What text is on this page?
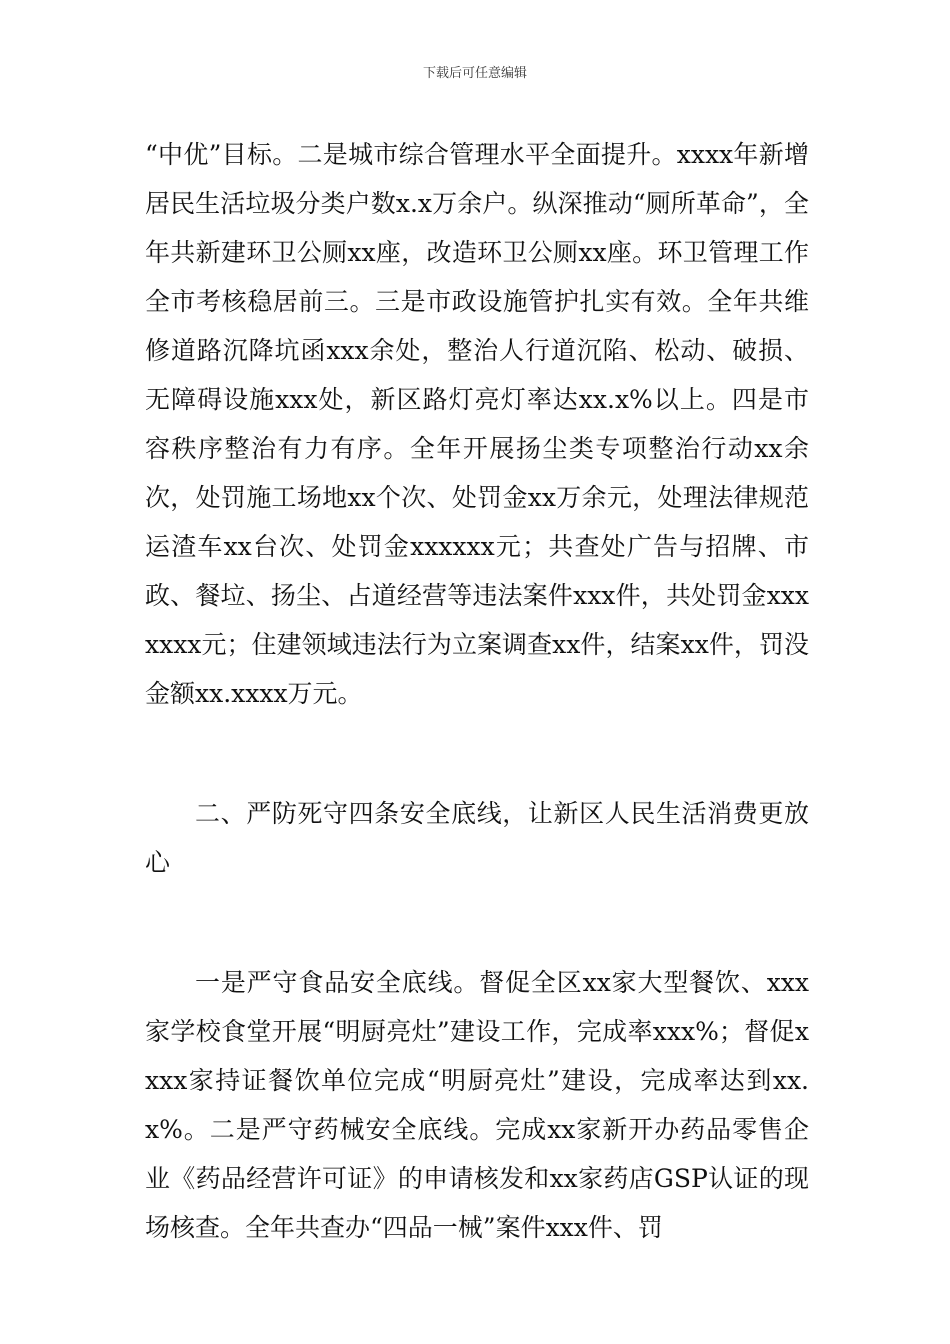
下载后可任意编辑

“中优”目标。二是城市综合管理水平全面提升。xxxx年新增居民生活垃圾分类户数x.x万余户。纵深推动“厕所革命”，全年共新建环卫公厕xx座，改造环卫公厕xx座。环卫管理工作全市考核稳居前三。三是市政设施管护扎实有效。全年共维修道路沉降坑函xxx余处，整治人行道沉陷、松动、破损、无障碍设施xxx处，新区路灯亮灯率达xx.x%以上。四是市容秩序整治有力有序。全年开展扬尘类专项整治行动xx余次，处罚施工场地xx个次、处罚金xx万余元，处理法律规范运渣车xx台次、处罚金xxxxxx元；共查处广告与招牌、市政、餐垃、扬尘、占道经营等违法案件xxx件，共处罚金xxxxxxx元；住建领域违法行为立案调查xx件，结案xx件，罚没金额xx.xxxx万元。

二、严防死守四条安全底线，让新区人民生活消费更放心

一是严守食品安全底线。督促全区xx家大型餐饮、xxx家学校食堂开展“明厨亮灶”建设工作，完成率xxx%；督促xxxx家持证餐饮单位完成“明厨亮灶”建设，完成率达到xx.x%。二是严守药械安全底线。完成xx家新开办药品零售企业《药品经营许可证》的申请核发和xx家药店GSP认证的现场核查。全年共查办“四品一械”案件xxx件、罚
